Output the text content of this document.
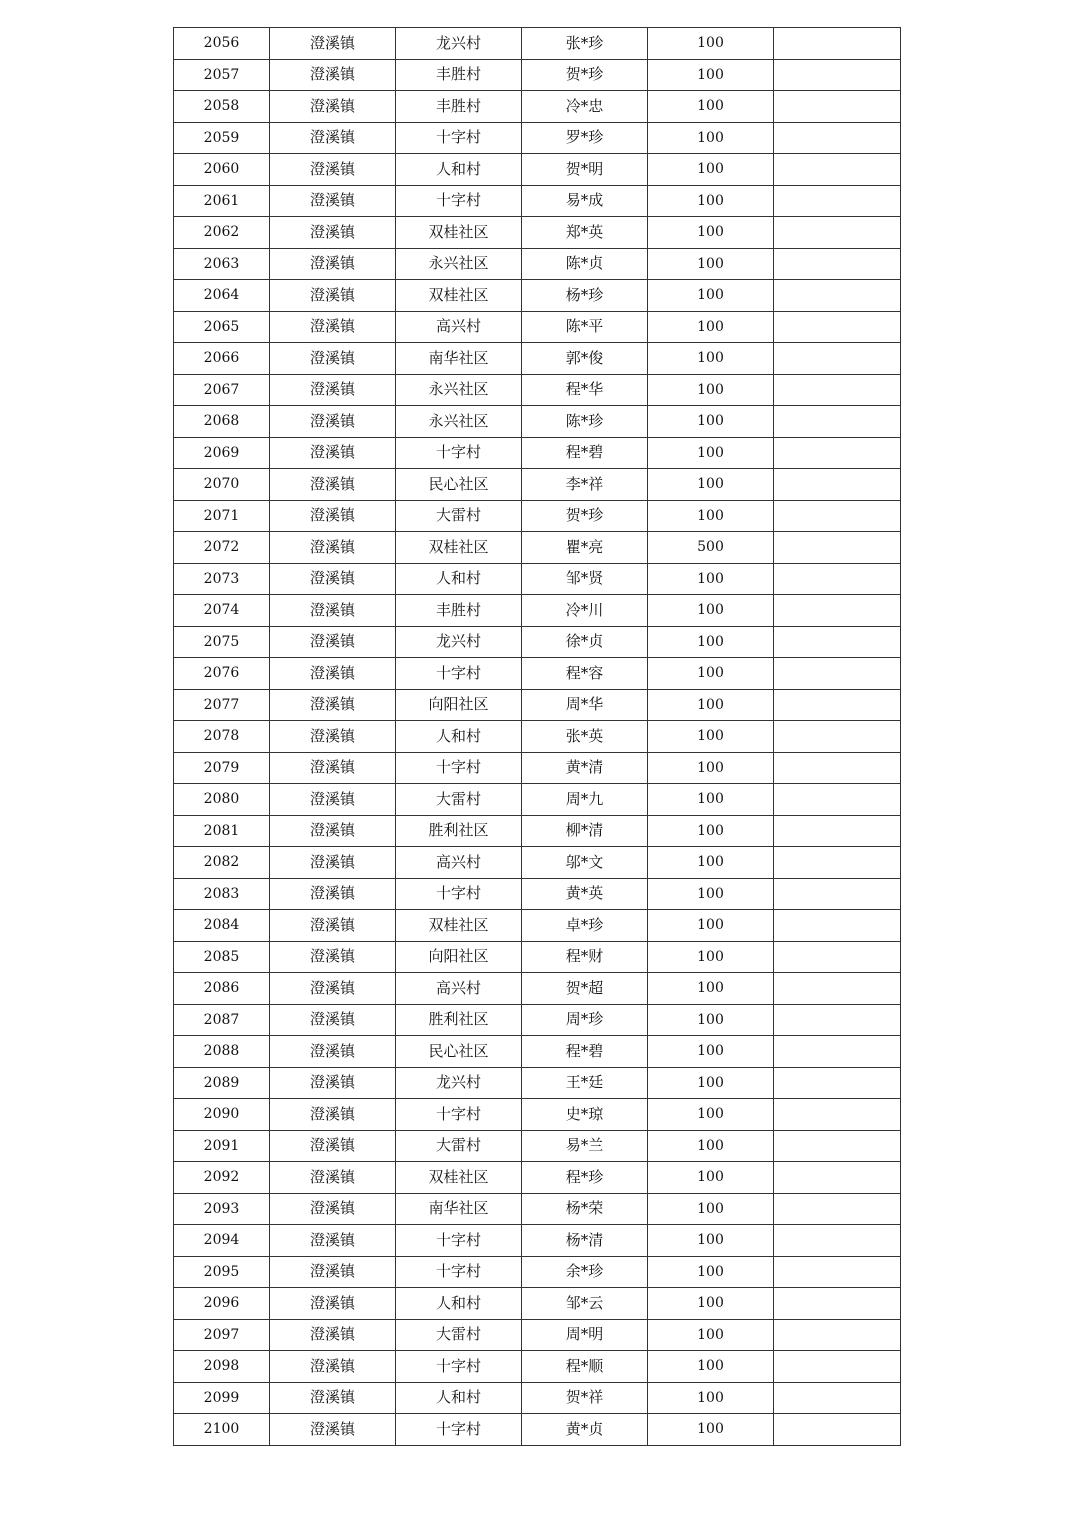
2056	澄溪镇	龙兴村	张*珍	100	
2057	澄溪镇	丰胜村	贺*珍	100	
2058	澄溪镇	丰胜村	冷*忠	100	
2059	澄溪镇	十字村	罗*珍	100	
2060	澄溪镇	人和村	贺*明	100	
2061	澄溪镇	十字村	易*成	100	
2062	澄溪镇	双桂社区	郑*英	100	
2063	澄溪镇	永兴社区	陈*贞	100	
2064	澄溪镇	双桂社区	杨*珍	100	
2065	澄溪镇	高兴村	陈*平	100	
2066	澄溪镇	南华社区	郭*俊	100	
2067	澄溪镇	永兴社区	程*华	100	
2068	澄溪镇	永兴社区	陈*珍	100	
2069	澄溪镇	十字村	程*碧	100	
2070	澄溪镇	民心社区	李*祥	100	
2071	澄溪镇	大雷村	贺*珍	100	
2072	澄溪镇	双桂社区	瞿*亮	500	
2073	澄溪镇	人和村	邹*贤	100	
2074	澄溪镇	丰胜村	冷*川	100	
2075	澄溪镇	龙兴村	徐*贞	100	
2076	澄溪镇	十字村	程*容	100	
2077	澄溪镇	向阳社区	周*华	100	
2078	澄溪镇	人和村	张*英	100	
2079	澄溪镇	十字村	黄*清	100	
2080	澄溪镇	大雷村	周*九	100	
2081	澄溪镇	胜利社区	柳*清	100	
2082	澄溪镇	高兴村	邬*文	100	
2083	澄溪镇	十字村	黄*英	100	
2084	澄溪镇	双桂社区	卓*珍	100	
2085	澄溪镇	向阳社区	程*财	100	
2086	澄溪镇	高兴村	贺*超	100	
2087	澄溪镇	胜利社区	周*珍	100	
2088	澄溪镇	民心社区	程*碧	100	
2089	澄溪镇	龙兴村	王*廷	100	
2090	澄溪镇	十字村	史*琼	100	
2091	澄溪镇	大雷村	易*兰	100	
2092	澄溪镇	双桂社区	程*珍	100	
2093	澄溪镇	南华社区	杨*荣	100	
2094	澄溪镇	十字村	杨*清	100	
2095	澄溪镇	十字村	余*珍	100	
2096	澄溪镇	人和村	邹*云	100	
2097	澄溪镇	大雷村	周*明	100	
2098	澄溪镇	十字村	程*顺	100	
2099	澄溪镇	人和村	贺*祥	100	
2100	澄溪镇	十字村	黄*贞	100	
